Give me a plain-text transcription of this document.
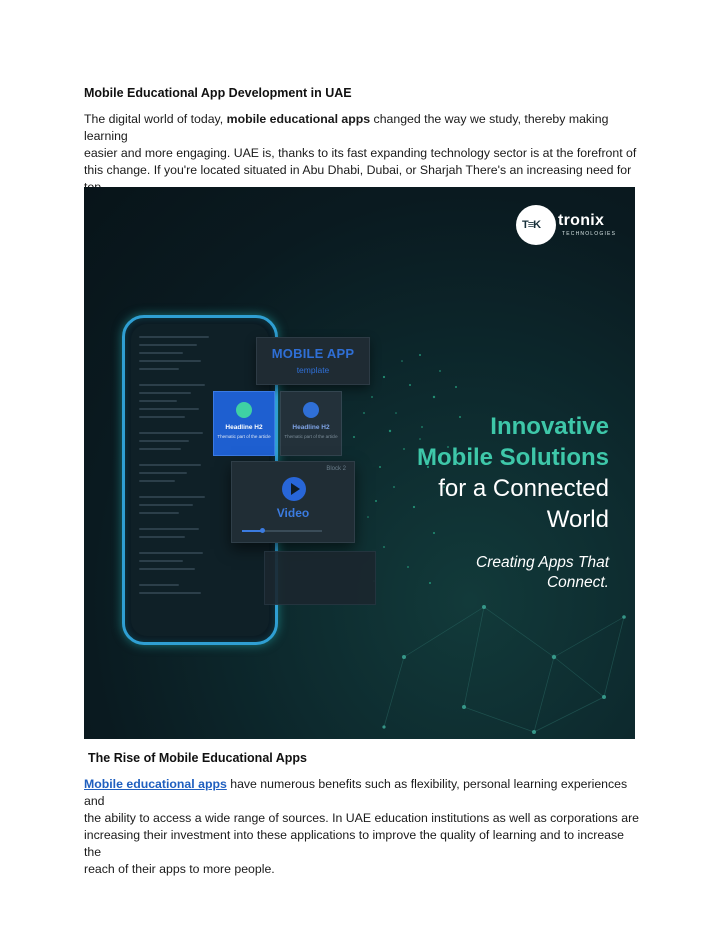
Mobile Educational App Development in UAE
The digital world of today, mobile educational apps changed the way we study, thereby making learning
easier and more engaging. UAE is, thanks to its fast expanding technology sector is at the forefront of
this change. If you're located situated in Abu Dhabi, Dubai, or Sharjah There's an increasing need for

T≡K tronix
TECHNOLOGIES
MOBILE APP
template
Headline H2
Thematic part of the article
Headline H2
Thematic part of the article
Block 2
Video
Innovative
Mobile Solutions
for a Connected
World
Creating Apps That
Connect.
The Rise of Mobile Educational Apps
Mobile educational apps have numerous benefits such as flexibility, personal learning experiences and
the ability to access a wide range of sources. In UAE education institutions as well as corporations are
increasing their investment into these applications to improve the quality of learning and to increase the
reach of their apps to more people.
